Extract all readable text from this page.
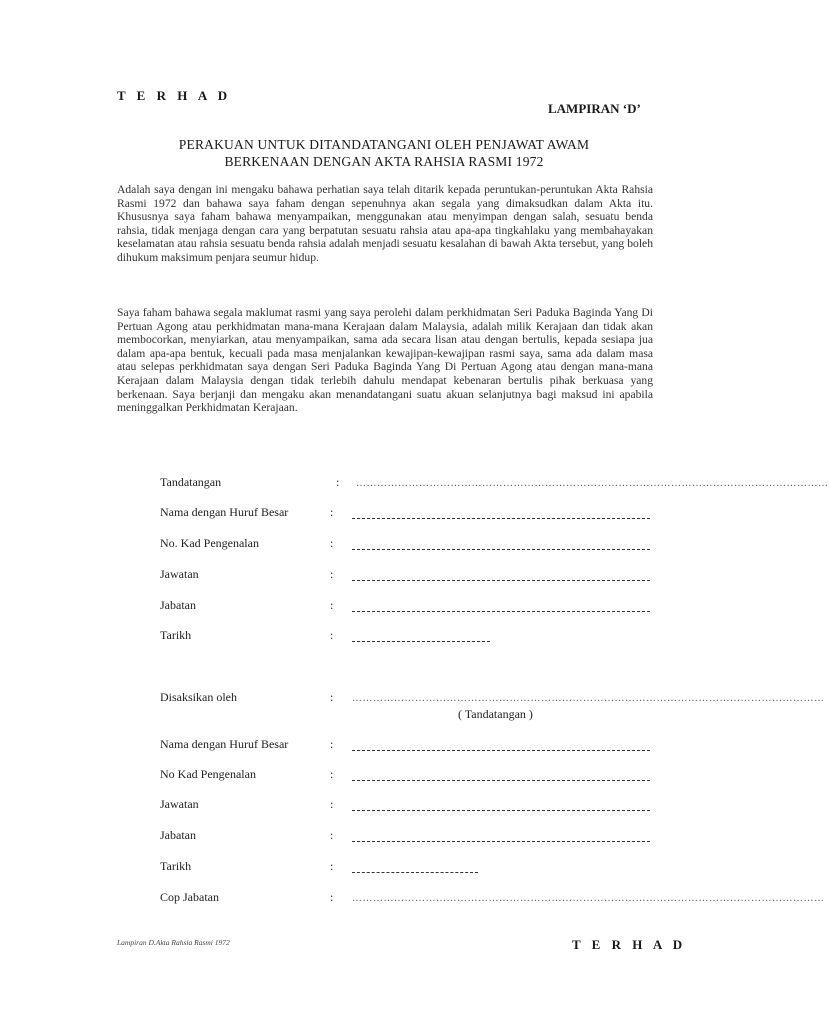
T E R H A D
LAMPIRAN ‘D’
PERAKUAN UNTUK DITANDATANGANI OLEH PENJAWAT AWAM
BERKENAAN DENGAN AKTA RAHSIA RASMI 1972
Adalah saya dengan ini mengaku bahawa perhatian saya telah ditarik kepada peruntukan-peruntukan Akta Rahsia Rasmi 1972 dan bahawa saya faham dengan sepenuhnya akan segala yang dimaksudkan dalam Akta itu. Khususnya saya faham bahawa menyampaikan, menggunakan atau menyimpan dengan salah, sesuatu benda rahsia, tidak menjaga dengan cara yang berpatutan sesuatu rahsia atau apa-apa tingkahlaku yang membahayakan keselamatan atau rahsia sesuatu benda rahsia adalah menjadi sesuatu kesalahan di bawah Akta tersebut, yang boleh dihukum maksimum penjara seumur hidup.
Saya faham bahawa segala maklumat rasmi yang saya perolehi dalam perkhidmatan Seri Paduka Baginda Yang Di Pertuan Agong atau perkhidmatan mana-mana Kerajaan dalam Malaysia, adalah milik Kerajaan dan tidak akan membocorkan, menyiarkan, atau menyampaikan, sama ada secara lisan atau dengan bertulis, kepada sesiapa jua dalam apa-apa bentuk, kecuali pada masa menjalankan kewajipan-kewajipan rasmi saya, sama ada dalam masa atau selepas perkhidmatan saya dengan Seri Paduka Baginda Yang Di Pertuan Agong atau dengan mana-mana Kerajaan dalam Malaysia dengan tidak terlebih dahulu mendapat kebenaran bertulis pihak berkuasa yang berkenaan. Saya berjanji dan mengaku akan menandatangani suatu akuan selanjutnya bagi maksud ini apabila meninggalkan Perkhidmatan Kerajaan.
Tandatangan	: ………………………………………………………………………………………………………………………
Nama dengan Huruf Besar	:
No. Kad Pengenalan	:
Jawatan	:
Jabatan	:
Tarikh	:
Disaksikan oleh	: ………………………………………………………………………………………………………………………
( Tandatangan )
Nama dengan Huruf Besar	:
No Kad Pengenalan	:
Jawatan	:
Jabatan	:
Tarikh	:
Cop Jabatan	: ………………………………………………………………………………………………………………………
Lampiran D.Akta Rahsia Rasmi 1972	T E R H A D
